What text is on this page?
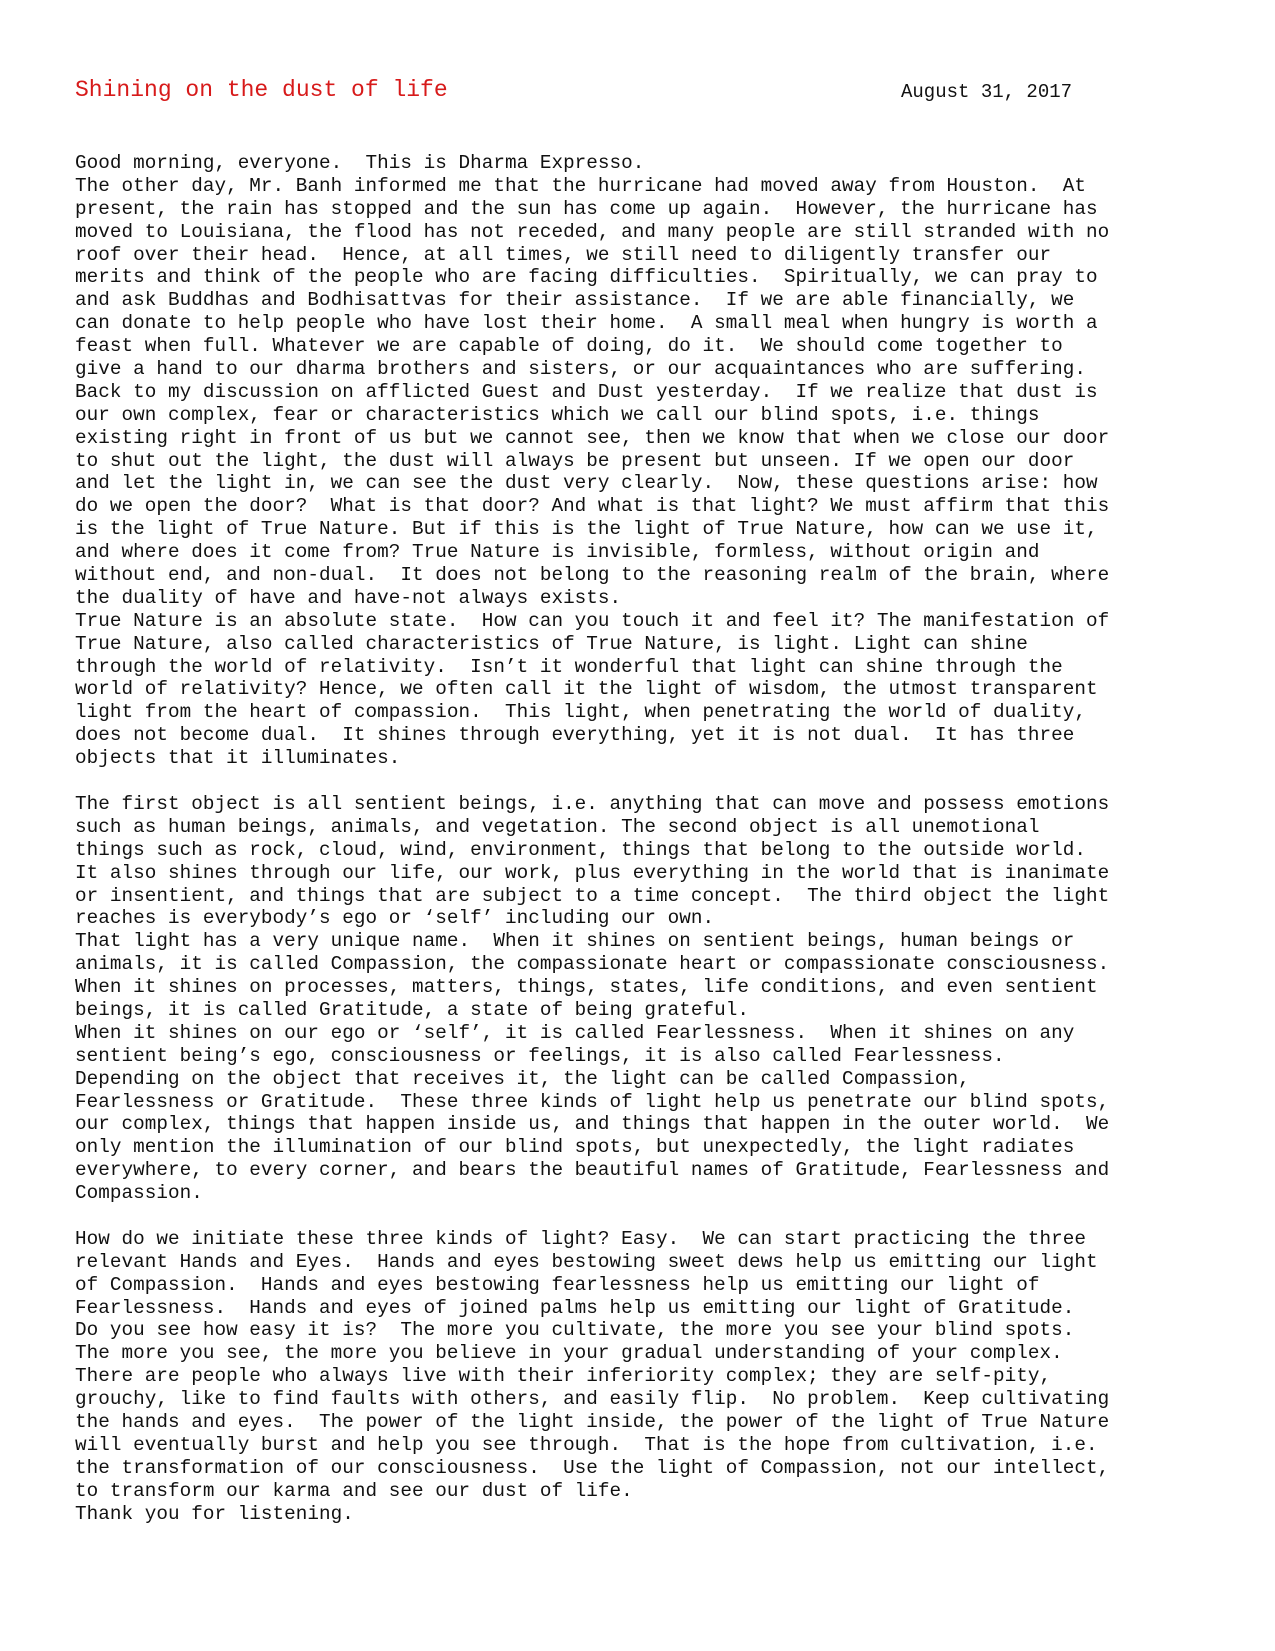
Shining on the dust of life	August 31, 2017
Good morning, everyone.  This is Dharma Expresso.
The other day, Mr. Banh informed me that the hurricane had moved away from Houston.  At
present, the rain has stopped and the sun has come up again.  However, the hurricane has
moved to Louisiana, the flood has not receded, and many people are still stranded with no
roof over their head.  Hence, at all times, we still need to diligently transfer our
merits and think of the people who are facing difficulties.  Spiritually, we can pray to
and ask Buddhas and Bodhisattvas for their assistance.  If we are able financially, we
can donate to help people who have lost their home.  A small meal when hungry is worth a
feast when full. Whatever we are capable of doing, do it.  We should come together to
give a hand to our dharma brothers and sisters, or our acquaintances who are suffering.
Back to my discussion on afflicted Guest and Dust yesterday.  If we realize that dust is
our own complex, fear or characteristics which we call our blind spots, i.e. things
existing right in front of us but we cannot see, then we know that when we close our door
to shut out the light, the dust will always be present but unseen. If we open our door
and let the light in, we can see the dust very clearly.  Now, these questions arise: how
do we open the door?  What is that door? And what is that light? We must affirm that this
is the light of True Nature. But if this is the light of True Nature, how can we use it,
and where does it come from? True Nature is invisible, formless, without origin and
without end, and non-dual.  It does not belong to the reasoning realm of the brain, where
the duality of have and have-not always exists.
True Nature is an absolute state.  How can you touch it and feel it? The manifestation of
True Nature, also called characteristics of True Nature, is light. Light can shine
through the world of relativity.  Isn’t it wonderful that light can shine through the
world of relativity? Hence, we often call it the light of wisdom, the utmost transparent
light from the heart of compassion.  This light, when penetrating the world of duality,
does not become dual.  It shines through everything, yet it is not dual.  It has three
objects that it illuminates.
The first object is all sentient beings, i.e. anything that can move and possess emotions
such as human beings, animals, and vegetation. The second object is all unemotional
things such as rock, cloud, wind, environment, things that belong to the outside world.
It also shines through our life, our work, plus everything in the world that is inanimate
or insentient, and things that are subject to a time concept.  The third object the light
reaches is everybody’s ego or ‘self’ including our own.
That light has a very unique name.  When it shines on sentient beings, human beings or
animals, it is called Compassion, the compassionate heart or compassionate consciousness.
When it shines on processes, matters, things, states, life conditions, and even sentient
beings, it is called Gratitude, a state of being grateful.
When it shines on our ego or ‘self’, it is called Fearlessness.  When it shines on any
sentient being’s ego, consciousness or feelings, it is also called Fearlessness.
Depending on the object that receives it, the light can be called Compassion,
Fearlessness or Gratitude.  These three kinds of light help us penetrate our blind spots,
our complex, things that happen inside us, and things that happen in the outer world.  We
only mention the illumination of our blind spots, but unexpectedly, the light radiates
everywhere, to every corner, and bears the beautiful names of Gratitude, Fearlessness and
Compassion.
How do we initiate these three kinds of light? Easy.  We can start practicing the three
relevant Hands and Eyes.  Hands and eyes bestowing sweet dews help us emitting our light
of Compassion.  Hands and eyes bestowing fearlessness help us emitting our light of
Fearlessness.  Hands and eyes of joined palms help us emitting our light of Gratitude.
Do you see how easy it is?  The more you cultivate, the more you see your blind spots.
The more you see, the more you believe in your gradual understanding of your complex.
There are people who always live with their inferiority complex; they are self-pity,
grouchy, like to find faults with others, and easily flip.  No problem.  Keep cultivating
the hands and eyes.  The power of the light inside, the power of the light of True Nature
will eventually burst and help you see through.  That is the hope from cultivation, i.e.
the transformation of our consciousness.  Use the light of Compassion, not our intellect,
to transform our karma and see our dust of life.
Thank you for listening.
